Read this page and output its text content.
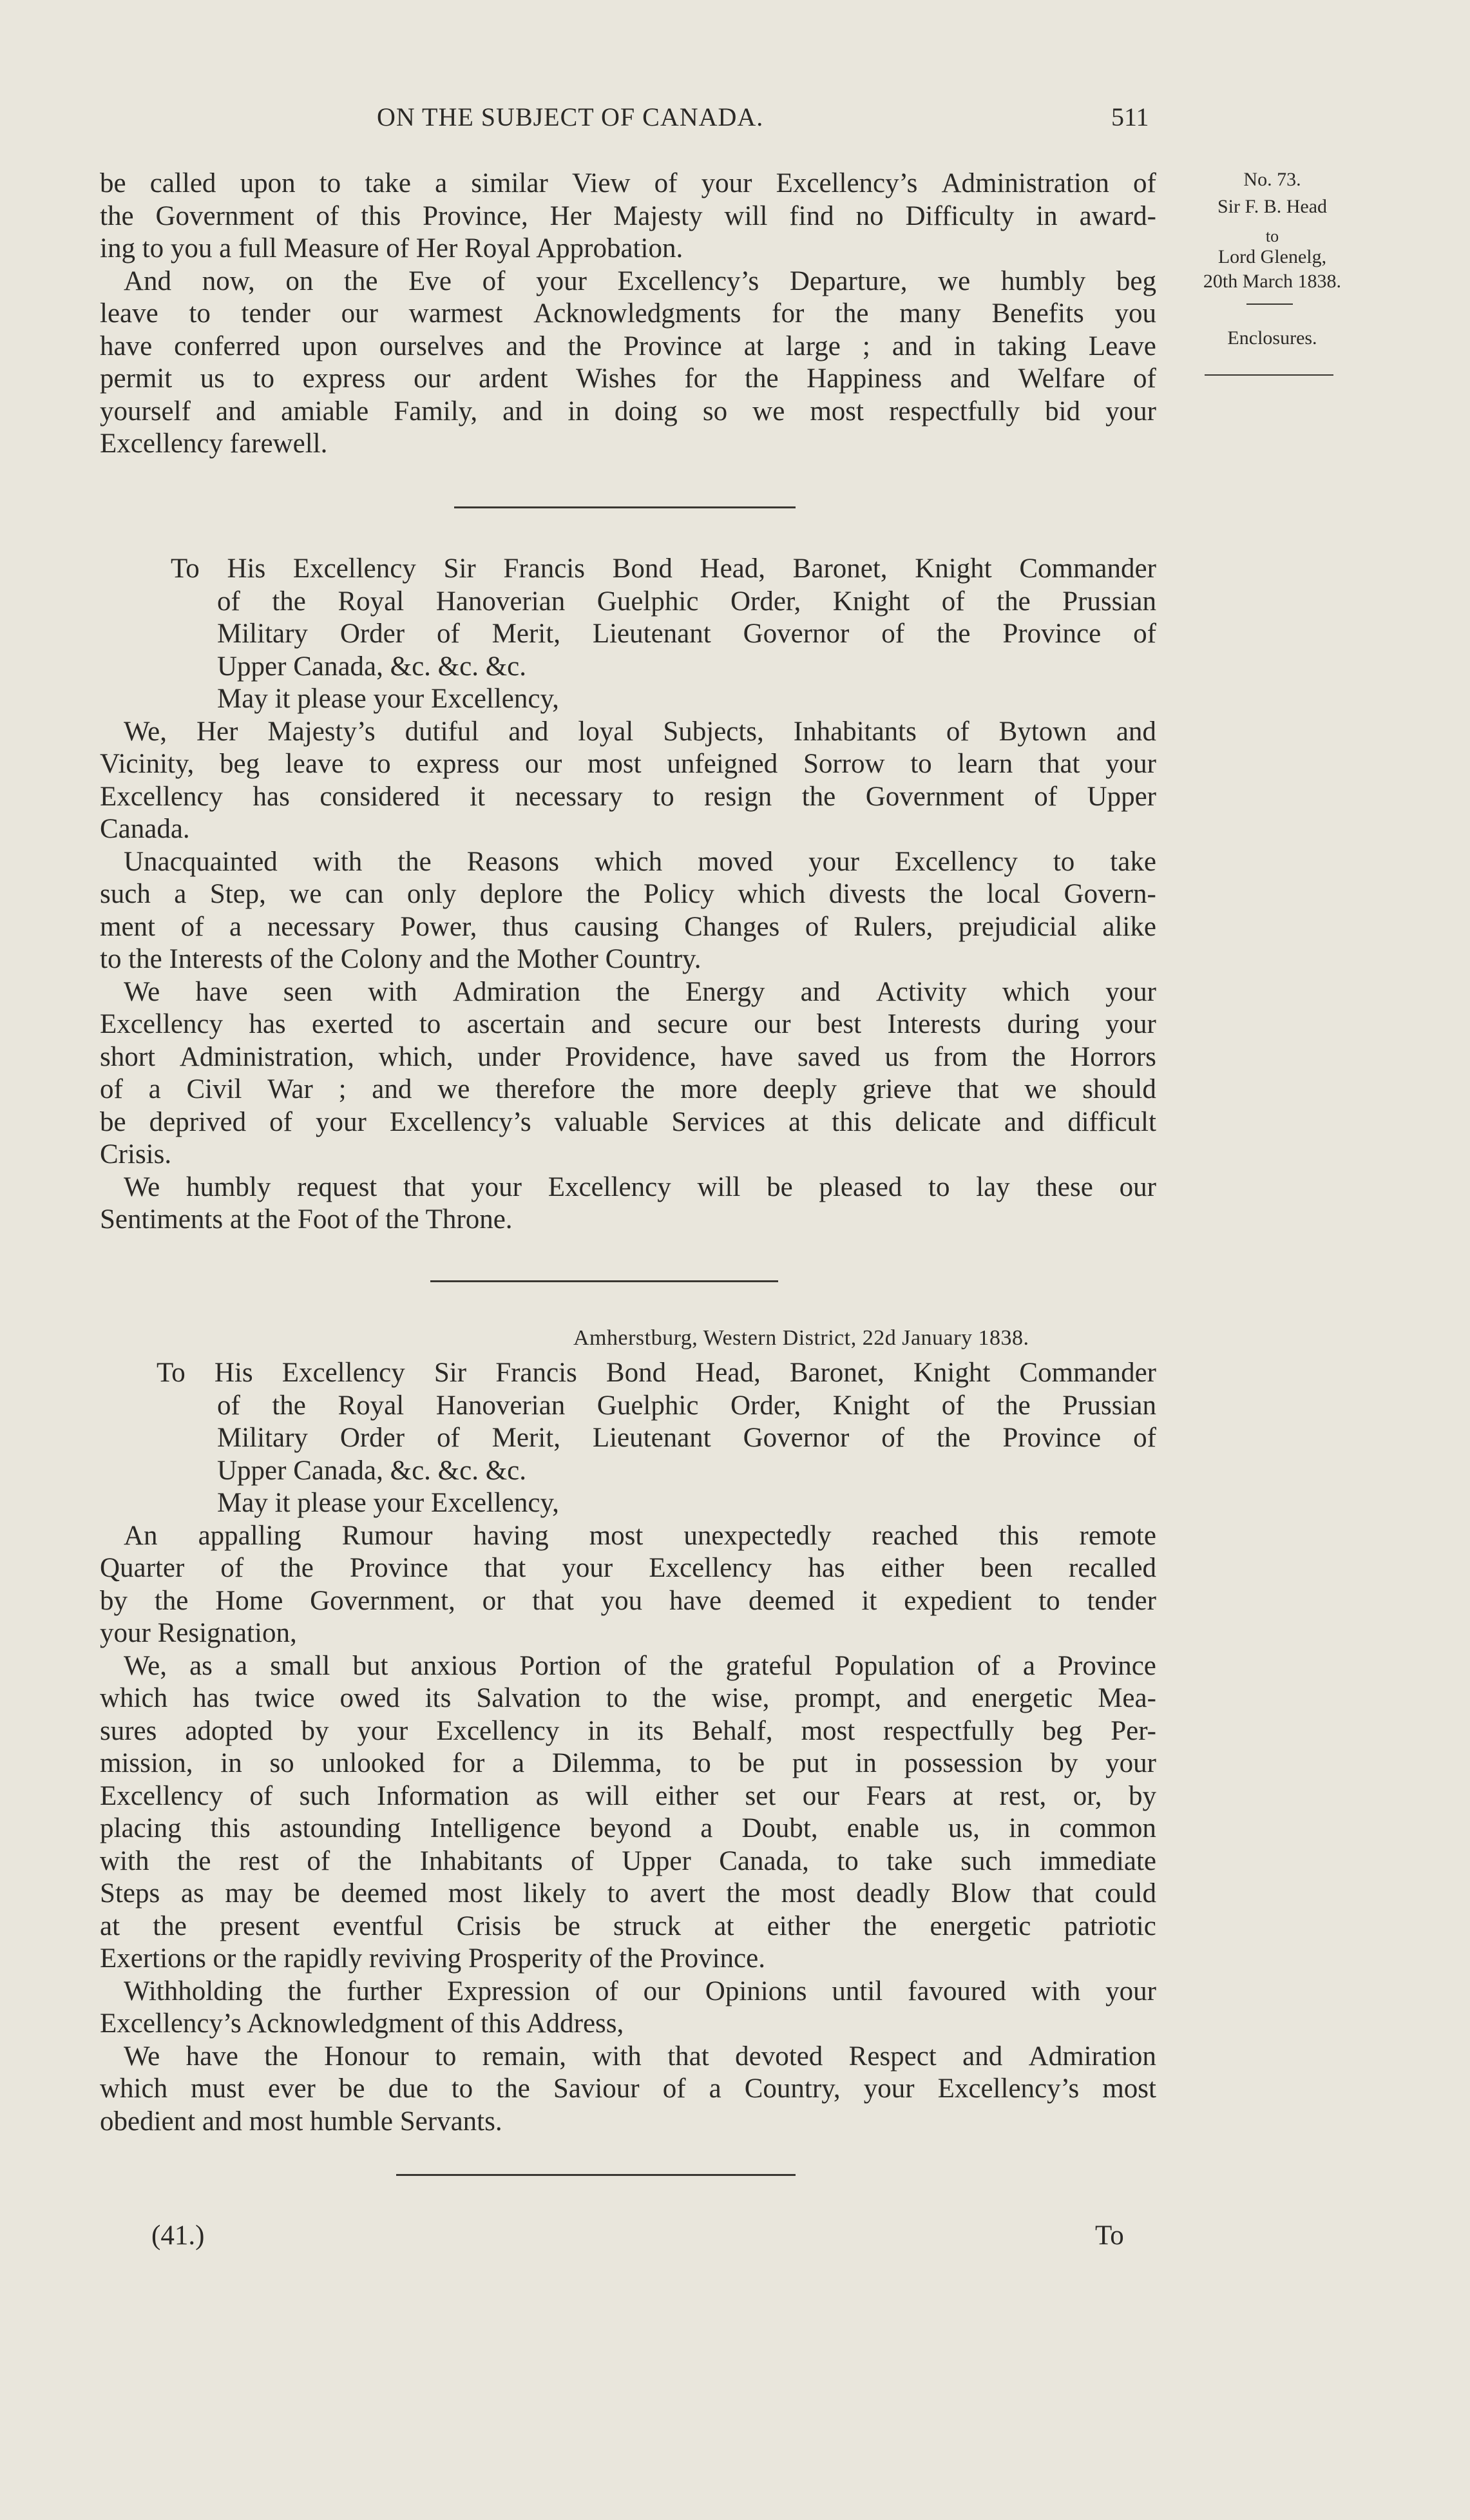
ON THE SUBJECT OF CANADA.	511
No. 73.
Sir F. B. Head
to
Lord Glenelg,
20th March 1838.
Enclosures.
be called upon to take a similar View of your Excellency’s Administration of
the Government of this Province, Her Majesty will find no Difficulty in award-
ing to you a full Measure of Her Royal Approbation.
And now, on the Eve of your Excellency’s Departure, we humbly beg
leave to tender our warmest Acknowledgments for the many Benefits you
have conferred upon ourselves and the Province at large ; and in taking Leave
permit us to express our ardent Wishes for the Happiness and Welfare of
yourself and amiable Family, and in doing so we most respectfully bid your
Excellency farewell.
To His Excellency Sir Francis Bond Head, Baronet, Knight Commander
of the Royal Hanoverian Guelphic Order, Knight of the Prussian
Military Order of Merit, Lieutenant Governor of the Province of
Upper Canada, &c. &c. &c.
May it please your Excellency,
We, Her Majesty’s dutiful and loyal Subjects, Inhabitants of Bytown and
Vicinity, beg leave to express our most unfeigned Sorrow to learn that your
Excellency has considered it necessary to resign the Government of Upper
Canada.
Unacquainted with the Reasons which moved your Excellency to take
such a Step, we can only deplore the Policy which divests the local Govern-
ment of a necessary Power, thus causing Changes of Rulers, prejudicial alike
to the Interests of the Colony and the Mother Country.
We have seen with Admiration the Energy and Activity which your
Excellency has exerted to ascertain and secure our best Interests during your
short Administration, which, under Providence, have saved us from the Horrors
of a Civil War ; and we therefore the more deeply grieve that we should
be deprived of your Excellency’s valuable Services at this delicate and difficult
Crisis.
We humbly request that your Excellency will be pleased to lay these our
Sentiments at the Foot of the Throne.
Amherstburg, Western District, 22d January 1838.
To His Excellency Sir Francis Bond Head, Baronet, Knight Commander
of the Royal Hanoverian Guelphic Order, Knight of the Prussian
Military Order of Merit, Lieutenant Governor of the Province of
Upper Canada, &c. &c. &c.
May it please your Excellency,
An appalling Rumour having most unexpectedly reached this remote
Quarter of the Province that your Excellency has either been recalled
by the Home Government, or that you have deemed it expedient to tender
your Resignation,
We, as a small but anxious Portion of the grateful Population of a Province
which has twice owed its Salvation to the wise, prompt, and energetic Mea-
sures adopted by your Excellency in its Behalf, most respectfully beg Per-
mission, in so unlooked for a Dilemma, to be put in possession by your
Excellency of such Information as will either set our Fears at rest, or, by
placing this astounding Intelligence beyond a Doubt, enable us, in common
with the rest of the Inhabitants of Upper Canada, to take such immediate
Steps as may be deemed most likely to avert the most deadly Blow that could
at the present eventful Crisis be struck at either the energetic patriotic
Exertions or the rapidly reviving Prosperity of the Province.
Withholding the further Expression of our Opinions until favoured with your
Excellency’s Acknowledgment of this Address,
We have the Honour to remain, with that devoted Respect and Admiration
which must ever be due to the Saviour of a Country, your Excellency’s most
obedient and most humble Servants.
(41.)	To
